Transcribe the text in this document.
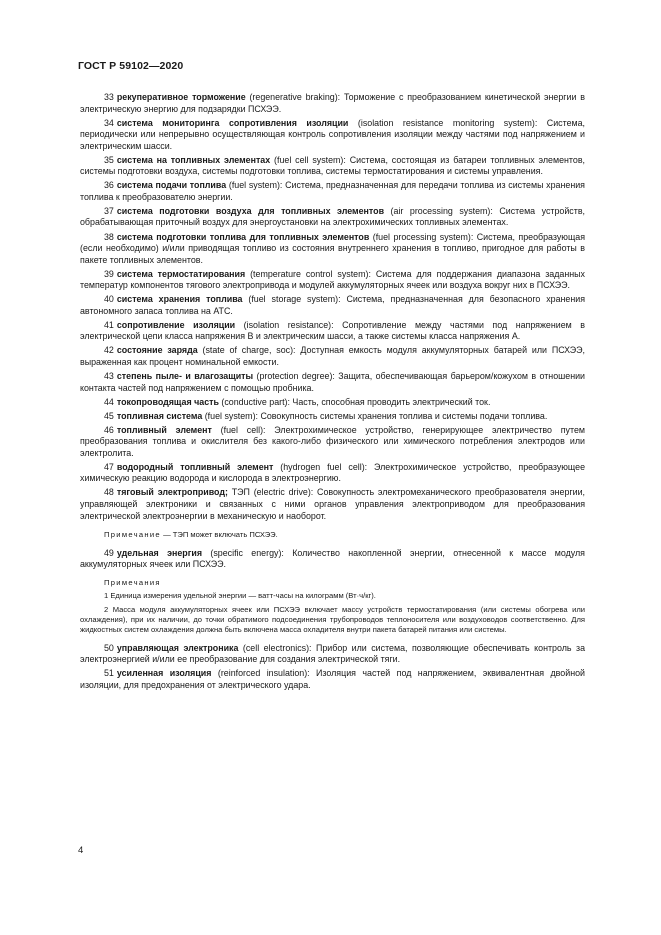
ГОСТ Р 59102—2020

33 рекуперативное торможение (regenerative braking): Торможение с преобразованием кинетической энергии в электрическую энергию для подзарядки ПСХЭЭ.

34 система мониторинга сопротивления изоляции (isolation resistance monitoring system): Система, периодически или непрерывно осуществляющая контроль сопротивления изоляции между частями под напряжением и электрическим шасси.

35 система на топливных элементах (fuel cell system): Система, состоящая из батареи топливных элементов, системы подготовки воздуха, системы подготовки топлива, системы термостатирования и системы управления.

36 система подачи топлива (fuel system): Система, предназначенная для передачи топлива из системы хранения топлива к преобразователю энергии.

37 система подготовки воздуха для топливных элементов (air processing system): Система устройств, обрабатывающая приточный воздух для энергоустановки на электрохимических топливных элементах.

38 система подготовки топлива для топливных элементов (fuel processing system): Система, преобразующая (если необходимо) и/или приводящая топливо из состояния внутреннего хранения в топливо, пригодное для работы в пакете топливных элементов.

39 система термостатирования (temperature control system): Система для поддержания диапазона заданных температур компонентов тягового электропривода и модулей аккумуляторных ячеек или воздуха вокруг них в ПСХЭЭ.

40 система хранения топлива (fuel storage system): Система, предназначенная для безопасного хранения автономного запаса топлива на АТС.

41 сопротивление изоляции (isolation resistance): Сопротивление между частями под напряжением в электрической цепи класса напряжения В и электрическим шасси, а также системы класса напряжения А.

42 состояние заряда (state of charge, soc): Доступная емкость модуля аккумуляторных батарей или ПСХЭЭ, выраженная как процент номинальной емкости.

43 степень пыле- и влагозащиты (protection degree): Защита, обеспечивающая барьером/кожухом в отношении контакта частей под напряжением с помощью пробника.

44 токопроводящая часть (conductive part): Часть, способная проводить электрический ток.

45 топливная система (fuel system): Совокупность системы хранения топлива и системы подачи топлива.

46 топливный элемент (fuel cell): Электрохимическое устройство, генерирующее электричество путем преобразования топлива и окислителя без какого-либо физического или химического потребления электродов или электролита.

47 водородный топливный элемент (hydrogen fuel cell): Электрохимическое устройство, преобразующее химическую реакцию водорода и кислорода в электроэнергию.

48 тяговый электропривод; ТЭП (electric drive): Совокупность электромеханического преобразователя энергии, управляющей электроники и связанных с ними органов управления электроприводом для преобразования электрической электроэнергии в механическую и наоборот.

Примечание — ТЭП может включать ПСХЭЭ.

49 удельная энергия (specific energy): Количество накопленной энергии, отнесенной к массе модуля аккумуляторных ячеек или ПСХЭЭ.

Примечания

1 Единица измерения удельной энергии — ватт-часы на килограмм (Вт·ч/кг).

2 Масса модуля аккумуляторных ячеек или ПСХЭЭ включает массу устройств термостатирования (или системы обогрева или охлаждения), при их наличии, до точки обратимого подсоединения трубопроводов теплоносителя или воздуховодов соответственно. Для жидкостных систем охлаждения должна быть включена масса охладителя внутри пакета батарей питания или системы.

50 управляющая электроника (cell electronics): Прибор или система, позволяющие обеспечивать контроль за электроэнергией и/или ее преобразование для создания электрической тяги.

51 усиленная изоляция (reinforced insulation): Изоляция частей под напряжением, эквивалентная двойной изоляции, для предохранения от электрического удара.

4
